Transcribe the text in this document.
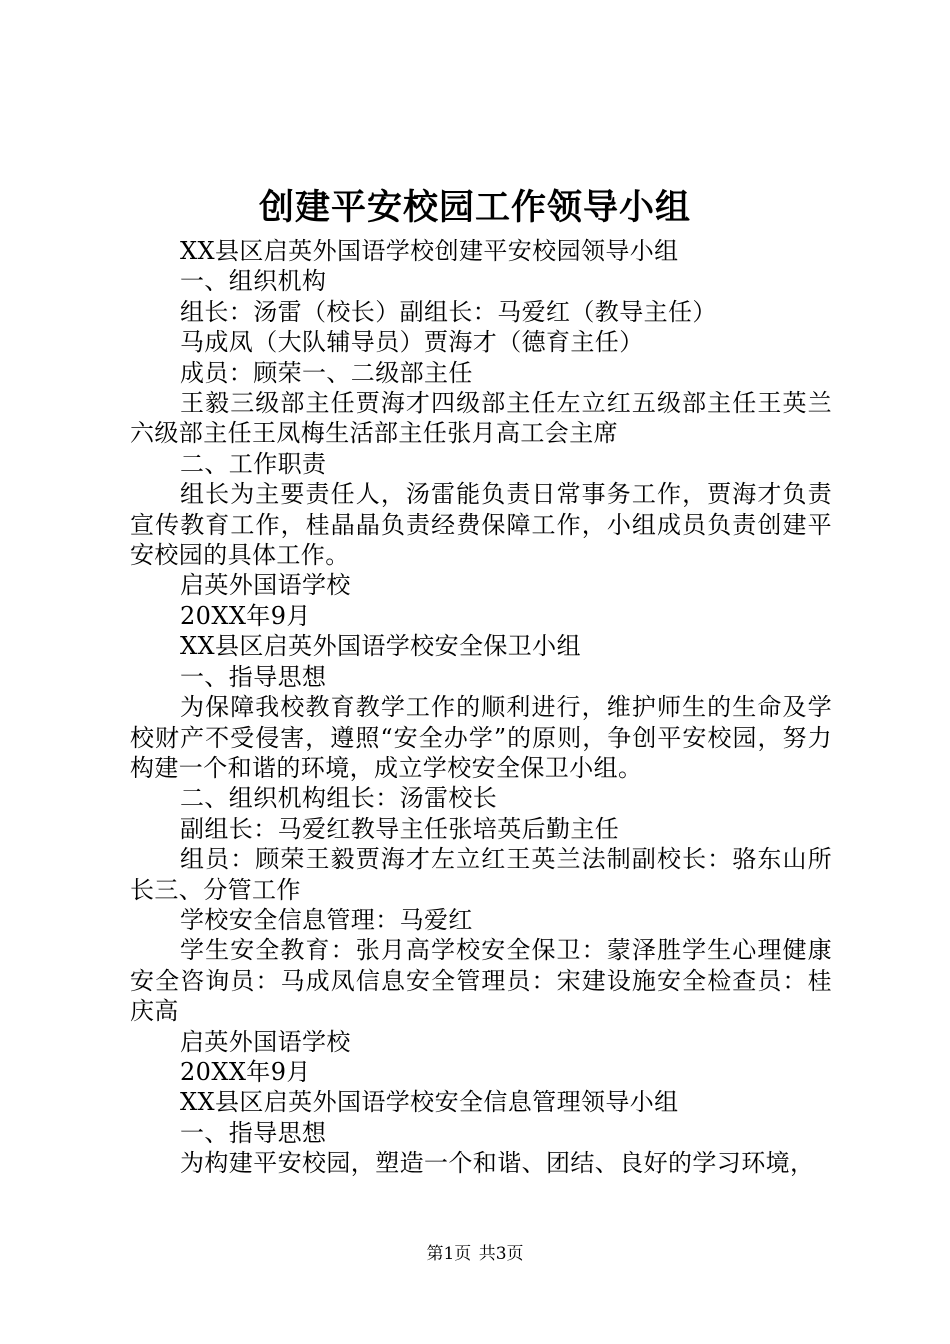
创建平安校园工作领导小组

XX县区启英外国语学校创建平安校园领导小组

一、组织机构

组长：汤雷（校长）副组长：马爱红（教导主任）

马成凤（大队辅导员）贾海才（德育主任）

成员：顾荣一、二级部主任

王毅三级部主任贾海才四级部主任左立红五级部主任王英兰六级部主任王凤梅生活部主任张月高工会主席

二、工作职责

组长为主要责任人，汤雷能负责日常事务工作，贾海才负责宣传教育工作，桂晶晶负责经费保障工作，小组成员负责创建平安校园的具体工作。

启英外国语学校

20XX年9月

XX县区启英外国语学校安全保卫小组

一、指导思想

为保障我校教育教学工作的顺利进行，维护师生的生命及学校财产不受侵害，遵照“安全办学”的原则，争创平安校园，努力构建一个和谐的环境，成立学校安全保卫小组。

二、组织机构组长：汤雷校长

副组长：马爱红教导主任张培英后勤主任

组员：顾荣王毅贾海才左立红王英兰法制副校长：骆东山所长三、分管工作

学校安全信息管理：马爱红

学生安全教育：张月高学校安全保卫：蒙泽胜学生心理健康安全咨询员：马成凤信息安全管理员：宋建设施安全检查员：桂庆高

启英外国语学校

20XX年9月

XX县区启英外国语学校安全信息管理领导小组

一、指导思想

为构建平安校园，塑造一个和谐、团结、良好的学习环境，

第1页 共3页
